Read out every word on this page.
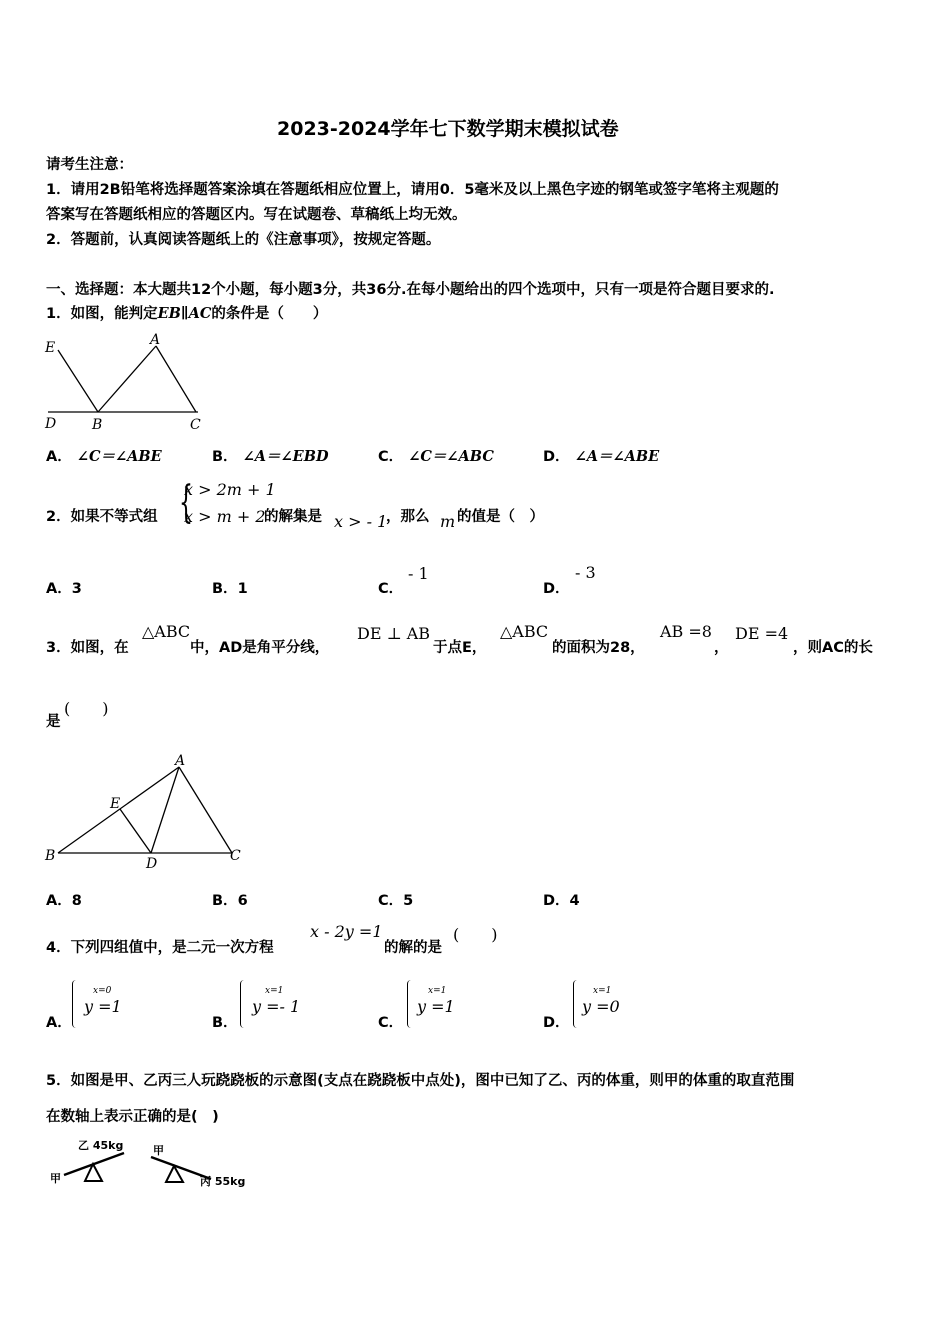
2023-2024学年七下数学期末模拟试卷
请考生注意：
1．请用2B铅笔将选择题答案涂填在答题纸相应位置上，请用0．5毫米及以上黑色字迹的钢笔或签字笔将主观题的
答案写在答题纸相应的答题区内。写在试题卷、草稿纸上均无效。
2．答题前，认真阅读答题纸上的《注意事项》，按规定答题。
一、选择题：本大题共12个小题，每小题3分，共36分.在每小题给出的四个选项中，只有一项是符合题目要求的.
1．如图，能判定EB∥AC的条件是（　　）
E	A
D	B	C
A． ∠C＝∠ABE	B． ∠A＝∠EBD	C． ∠C＝∠ABC	D． ∠A＝∠ABE
2．如果不等式组 {
x > 2m + 1
x > m + 2
的解集是 x > - 1
，那么 m 的值是（　）
A．3	B．1	C．
- 1
D．
- 3
3．如图，在
△ABC
中，AD是角平分线，
DE ⊥ AB
于点E，
△ABC
的面积为28，
AB =8
，
DE =4
，则AC的长
是
(　　)
A
E
B	D	C
A．8	B．6	C．5	D．4
4．下列四组值中，是二元一次方程
x - 2y =1
的解的是
(　　)
A．
x=0
y =1
B．
x=1
y =- 1
C．
x=1
y =1
D．
x=1
y =0
5．如图是甲、乙丙三人玩跷跷板的示意图(支点在跷跷板中点处)，图中已知了乙、丙的体重，则甲的体重的取直范围
在数轴上表示正确的是(　)
乙 45kg
甲
甲
丙 55kg
